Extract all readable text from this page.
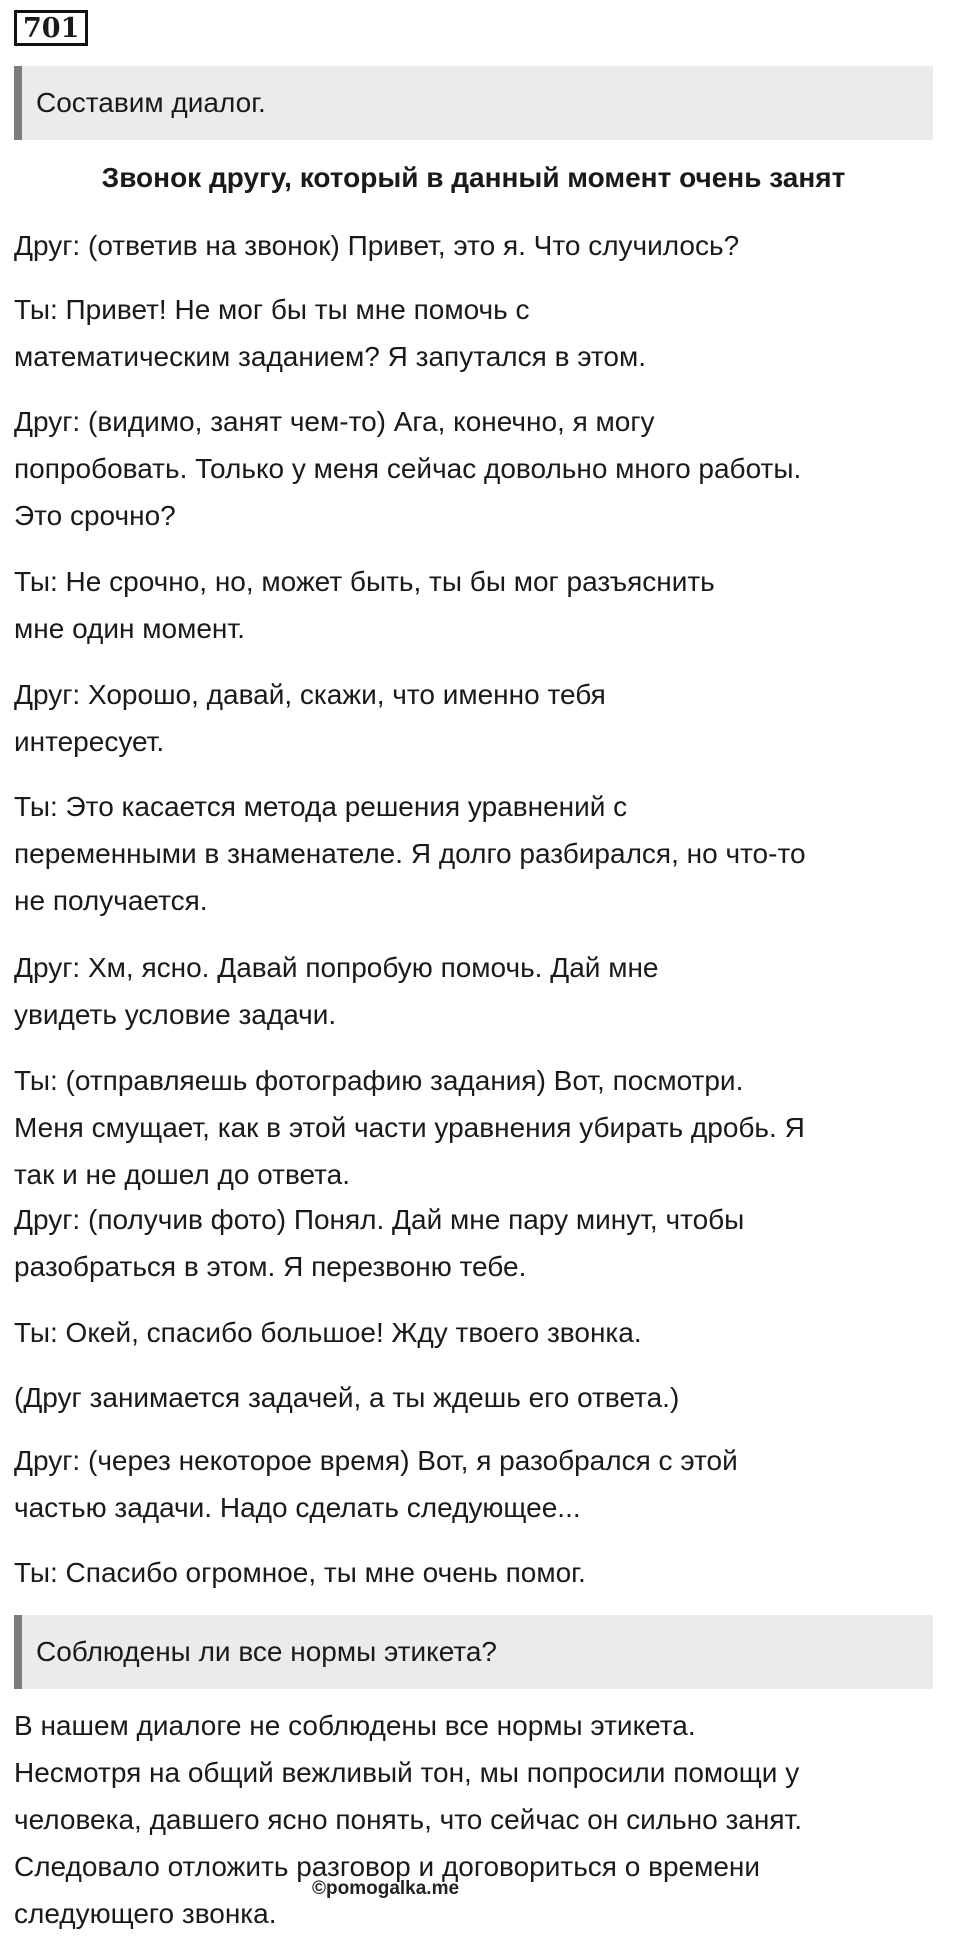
701
Составим диалог.
Звонок другу, который в данный момент очень занят
Друг: (ответив на звонок) Привет, это я. Что случилось?
Ты: Привет! Не мог бы ты мне помочь с
математическим заданием? Я запутался в этом.
Друг: (видимо, занят чем-то) Ага, конечно, я могу
попробовать. Только у меня сейчас довольно много работы.
Это срочно?
Ты: Не срочно, но, может быть, ты бы мог разъяснить
мне один момент.
Друг: Хорошо, давай, скажи, что именно тебя
интересует.
Ты: Это касается метода решения уравнений с
переменными в знаменателе. Я долго разбирался, но что-то
не получается.
Друг: Хм, ясно. Давай попробую помочь. Дай мне
увидеть условие задачи.
Ты: (отправляешь фотографию задания) Вот, посмотри.
Меня смущает, как в этой части уравнения убирать дробь. Я
так и не дошел до ответа.
Друг: (получив фото) Понял. Дай мне пару минут, чтобы
разобраться в этом. Я перезвоню тебе.
Ты: Окей, спасибо большое! Жду твоего звонка.
(Друг занимается задачей, а ты ждешь его ответа.)
Друг: (через некоторое время) Вот, я разобрался с этой
частью задачи. Надо сделать следующее...
Ты: Спасибо огромное, ты мне очень помог.
Соблюдены ли все нормы этикета?
В нашем диалоге не соблюдены все нормы этикета.
Несмотря на общий вежливый тон, мы попросили помощи у
человека, давшего ясно понять, что сейчас он сильно занят.
Следовало отложить разговор и договориться о времени
следующего звонка.
©pomogalka.me
